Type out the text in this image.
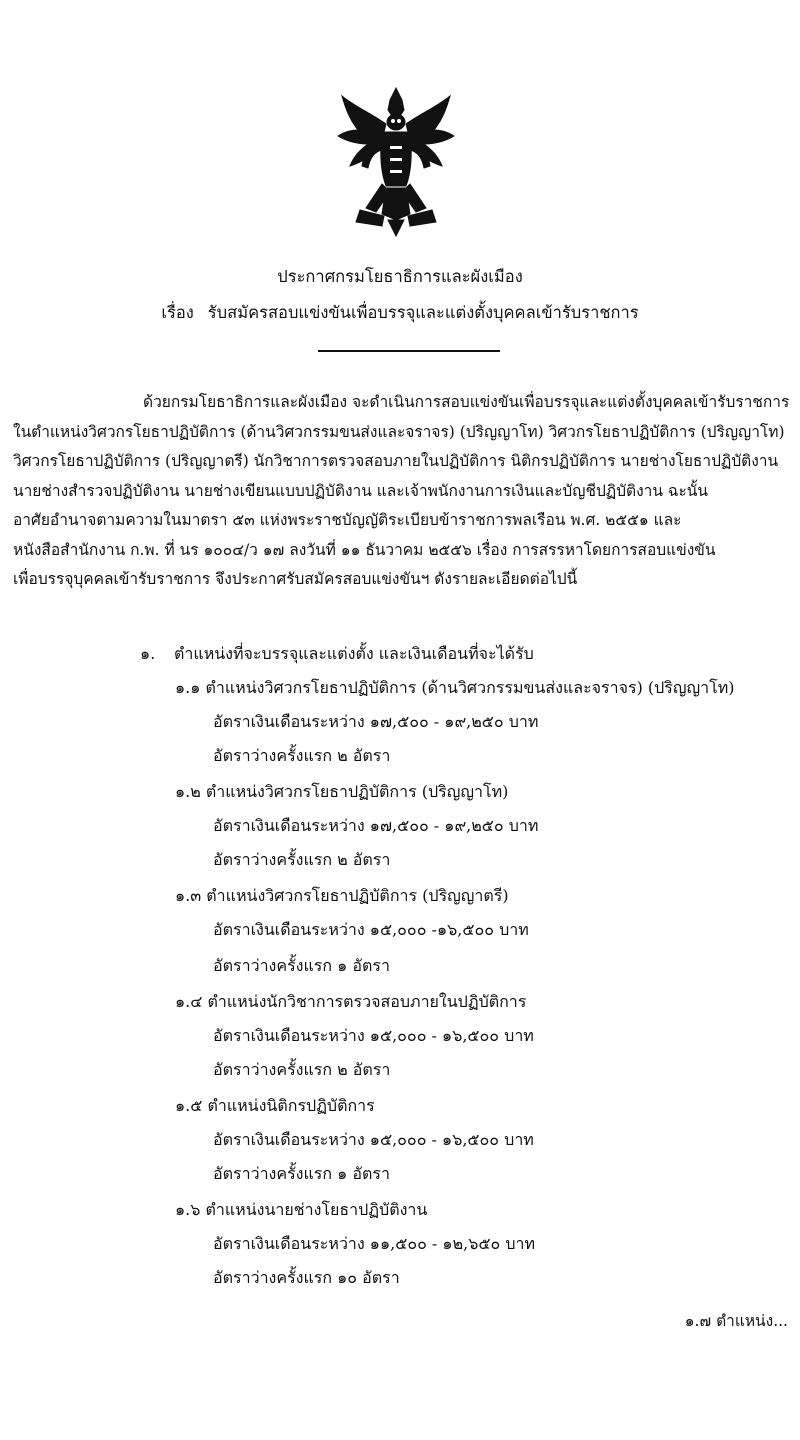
ประกาศกรมโยธาธิการและผังเมือง
เรื่อง รับสมัครสอบแข่งขันเพื่อบรรจุและแต่งตั้งบุคคลเข้ารับราชการ
ด้วยกรมโยธาธิการและผังเมือง จะดำเนินการสอบแข่งขันเพื่อบรรจุและแต่งตั้งบุคคลเข้ารับราชการ
ในตำแหน่งวิศวกรโยธาปฏิบัติการ (ด้านวิศวกรรมขนส่งและจราจร) (ปริญญาโท) วิศวกรโยธาปฏิบัติการ (ปริญญาโท)
วิศวกรโยธาปฏิบัติการ (ปริญญาตรี) นักวิชาการตรวจสอบภายในปฏิบัติการ นิติกรปฏิบัติการ นายช่างโยธาปฏิบัติงาน
นายช่างสำรวจปฏิบัติงาน นายช่างเขียนแบบปฏิบัติงาน และเจ้าพนักงานการเงินและบัญชีปฏิบัติงาน ฉะนั้น
อาศัยอำนาจตามความในมาตรา ๕๓ แห่งพระราชบัญญัติระเบียบข้าราชการพลเรือน พ.ศ. ๒๕๕๑ และ
หนังสือสำนักงาน ก.พ. ที่ นร ๑๐๐๔/ว ๑๗ ลงวันที่ ๑๑ ธันวาคม ๒๕๕๖ เรื่อง การสรรหาโดยการสอบแข่งขัน
เพื่อบรรจุบุคคลเข้ารับราชการ จึงประกาศรับสมัครสอบแข่งขันฯ ดังรายละเอียดต่อไปนี้
๑. ตำแหน่งที่จะบรรจุและแต่งตั้ง และเงินเดือนที่จะได้รับ
๑.๑ ตำแหน่งวิศวกรโยธาปฏิบัติการ (ด้านวิศวกรรมขนส่งและจราจร) (ปริญญาโท)
อัตราเงินเดือนระหว่าง ๑๗,๕๐๐ - ๑๙,๒๕๐ บาท
อัตราว่างครั้งแรก ๒ อัตรา
๑.๒ ตำแหน่งวิศวกรโยธาปฏิบัติการ (ปริญญาโท)
อัตราเงินเดือนระหว่าง ๑๗,๕๐๐ - ๑๙,๒๕๐ บาท
อัตราว่างครั้งแรก ๒ อัตรา
๑.๓ ตำแหน่งวิศวกรโยธาปฏิบัติการ (ปริญญาตรี)
อัตราเงินเดือนระหว่าง ๑๕,๐๐๐ -๑๖,๕๐๐ บาท
อัตราว่างครั้งแรก ๑ อัตรา
๑.๔ ตำแหน่งนักวิชาการตรวจสอบภายในปฏิบัติการ
อัตราเงินเดือนระหว่าง ๑๕,๐๐๐ - ๑๖,๕๐๐ บาท
อัตราว่างครั้งแรก ๒ อัตรา
๑.๕ ตำแหน่งนิติกรปฏิบัติการ
อัตราเงินเดือนระหว่าง ๑๕,๐๐๐ - ๑๖,๕๐๐ บาท
อัตราว่างครั้งแรก ๑ อัตรา
๑.๖ ตำแหน่งนายช่างโยธาปฏิบัติงาน
อัตราเงินเดือนระหว่าง ๑๑,๕๐๐ - ๑๒,๖๕๐ บาท
อัตราว่างครั้งแรก ๑๐ อัตรา
๑.๗ ตำแหน่ง...
